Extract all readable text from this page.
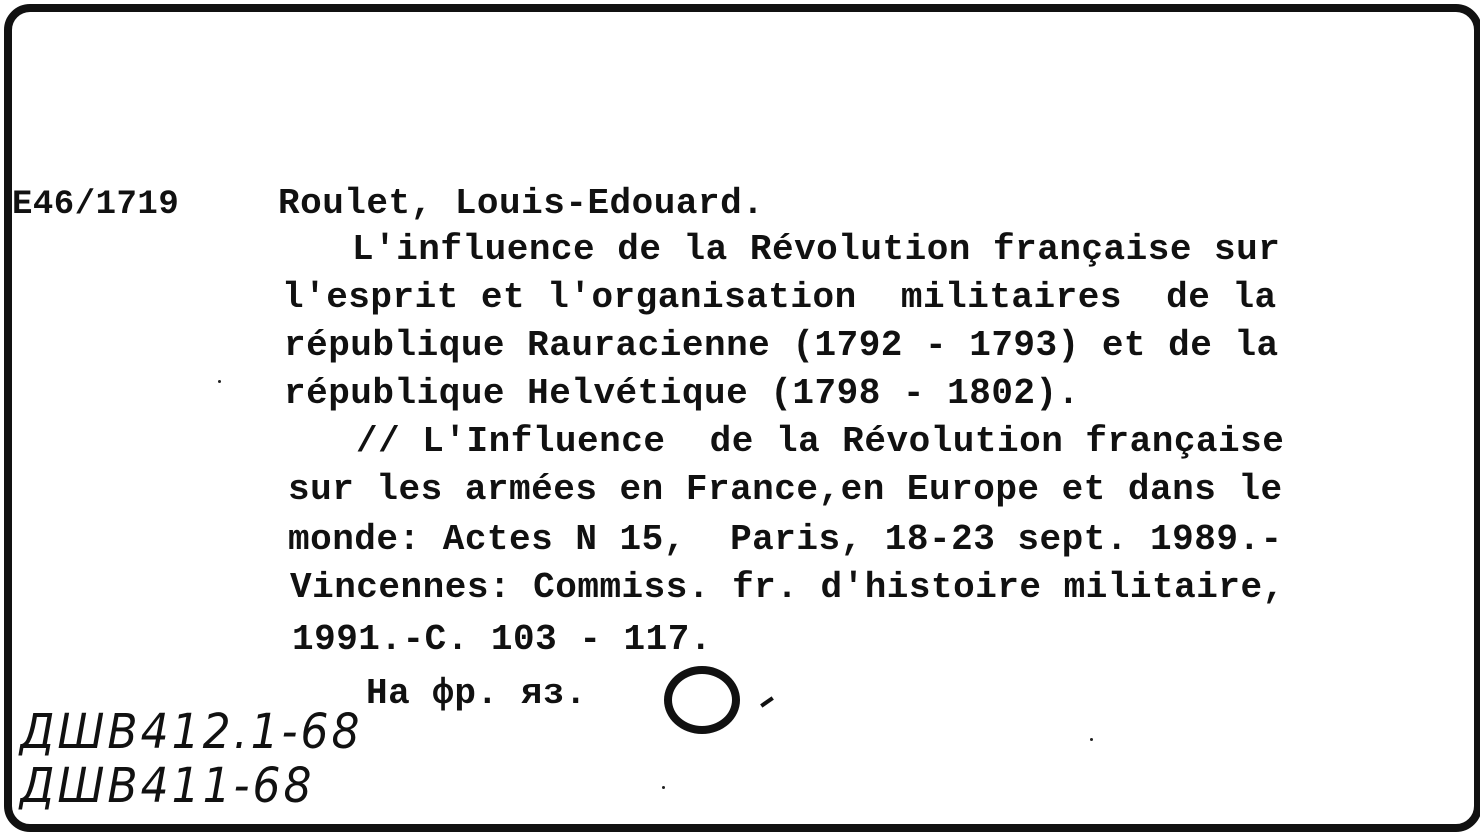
E46/1719	Roulet, Louis-Edouard.
L'influence de la Révolution française sur
l'esprit et l'organisation  militaires  de la
république Rauracienne (1792 - 1793) et de la
république Helvétique (1798 - 1802).
// L'Influence  de la Révolution française
sur les armées en France,en Europe et dans le
monde: Actes N 15,  Paris, 18-23 sept. 1989.-
Vincennes: Commiss. fr. d'histoire militaire,
1991.-C. 103 - 117.
На фр. яз.
ДШB412.1-68
ДШB411-68
